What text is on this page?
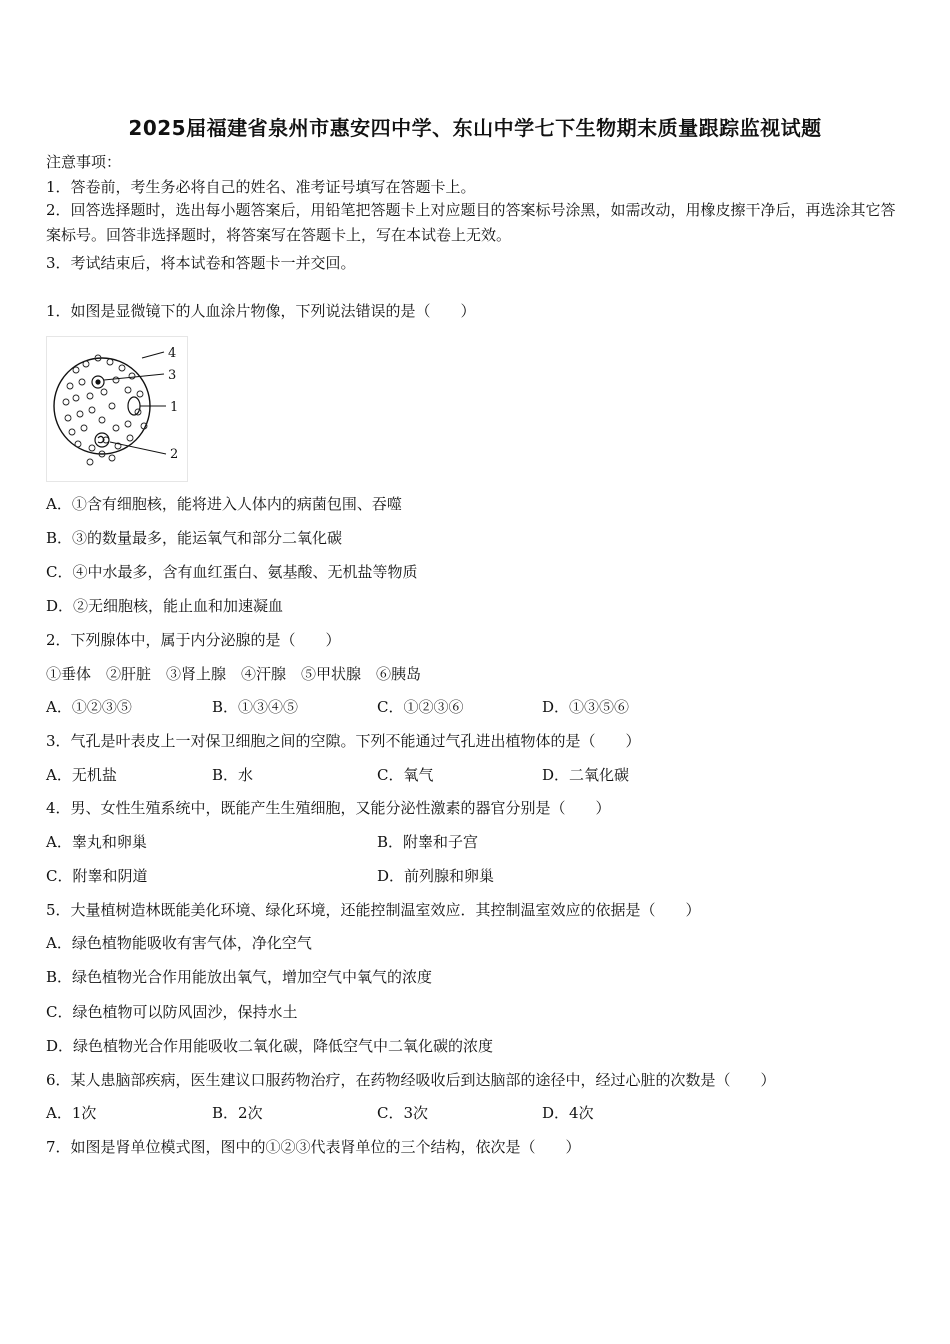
2025届福建省泉州市惠安四中学、东山中学七下生物期末质量跟踪监视试题
注意事项：
1．答卷前，考生务必将自己的姓名、准考证号填写在答题卡上。
2．回答选择题时，选出每小题答案后，用铅笔把答题卡上对应题目的答案标号涂黑，如需改动，用橡皮擦干净后，再选涂其它答案标号。回答非选择题时，将答案写在答题卡上，写在本试卷上无效。
3．考试结束后，将本试卷和答题卡一并交回。
1．如图是显微镜下的人血涂片物像，下列说法错误的是（　　）
4
3
1
2
A．①含有细胞核，能将进入人体内的病菌包围、吞噬
B．③的数量最多，能运氧气和部分二氧化碳
C．④中水最多，含有血红蛋白、氨基酸、无机盐等物质
D．②无细胞核，能止血和加速凝血
2．下列腺体中，属于内分泌腺的是（　　）
①垂体　②肝脏　③肾上腺　④汗腺　⑤甲状腺　⑥胰岛
A．①②③⑤	B．①③④⑤	C．①②③⑥	D．①③⑤⑥
3．气孔是叶表皮上一对保卫细胞之间的空隙。下列不能通过气孔进出植物体的是（　　）
A．无机盐	B．水	C．氧气	D．二氧化碳
4．男、女性生殖系统中，既能产生生殖细胞，又能分泌性激素的器官分别是（　　）
A．睾丸和卵巢	B．附睾和子宫
C．附睾和阴道	D．前列腺和卵巢
5．大量植树造林既能美化环境、绿化环境，还能控制温室效应．其控制温室效应的依据是（　　）
A．绿色植物能吸收有害气体，净化空气
B．绿色植物光合作用能放出氧气，增加空气中氧气的浓度
C．绿色植物可以防风固沙，保持水土
D．绿色植物光合作用能吸收二氧化碳，降低空气中二氧化碳的浓度
6．某人患脑部疾病，医生建议口服药物治疗，在药物经吸收后到达脑部的途径中，经过心脏的次数是（　　）
A．1次	B．2次	C．3次	D．4次
7．如图是肾单位模式图，图中的①②③代表肾单位的三个结构，依次是（　　）
